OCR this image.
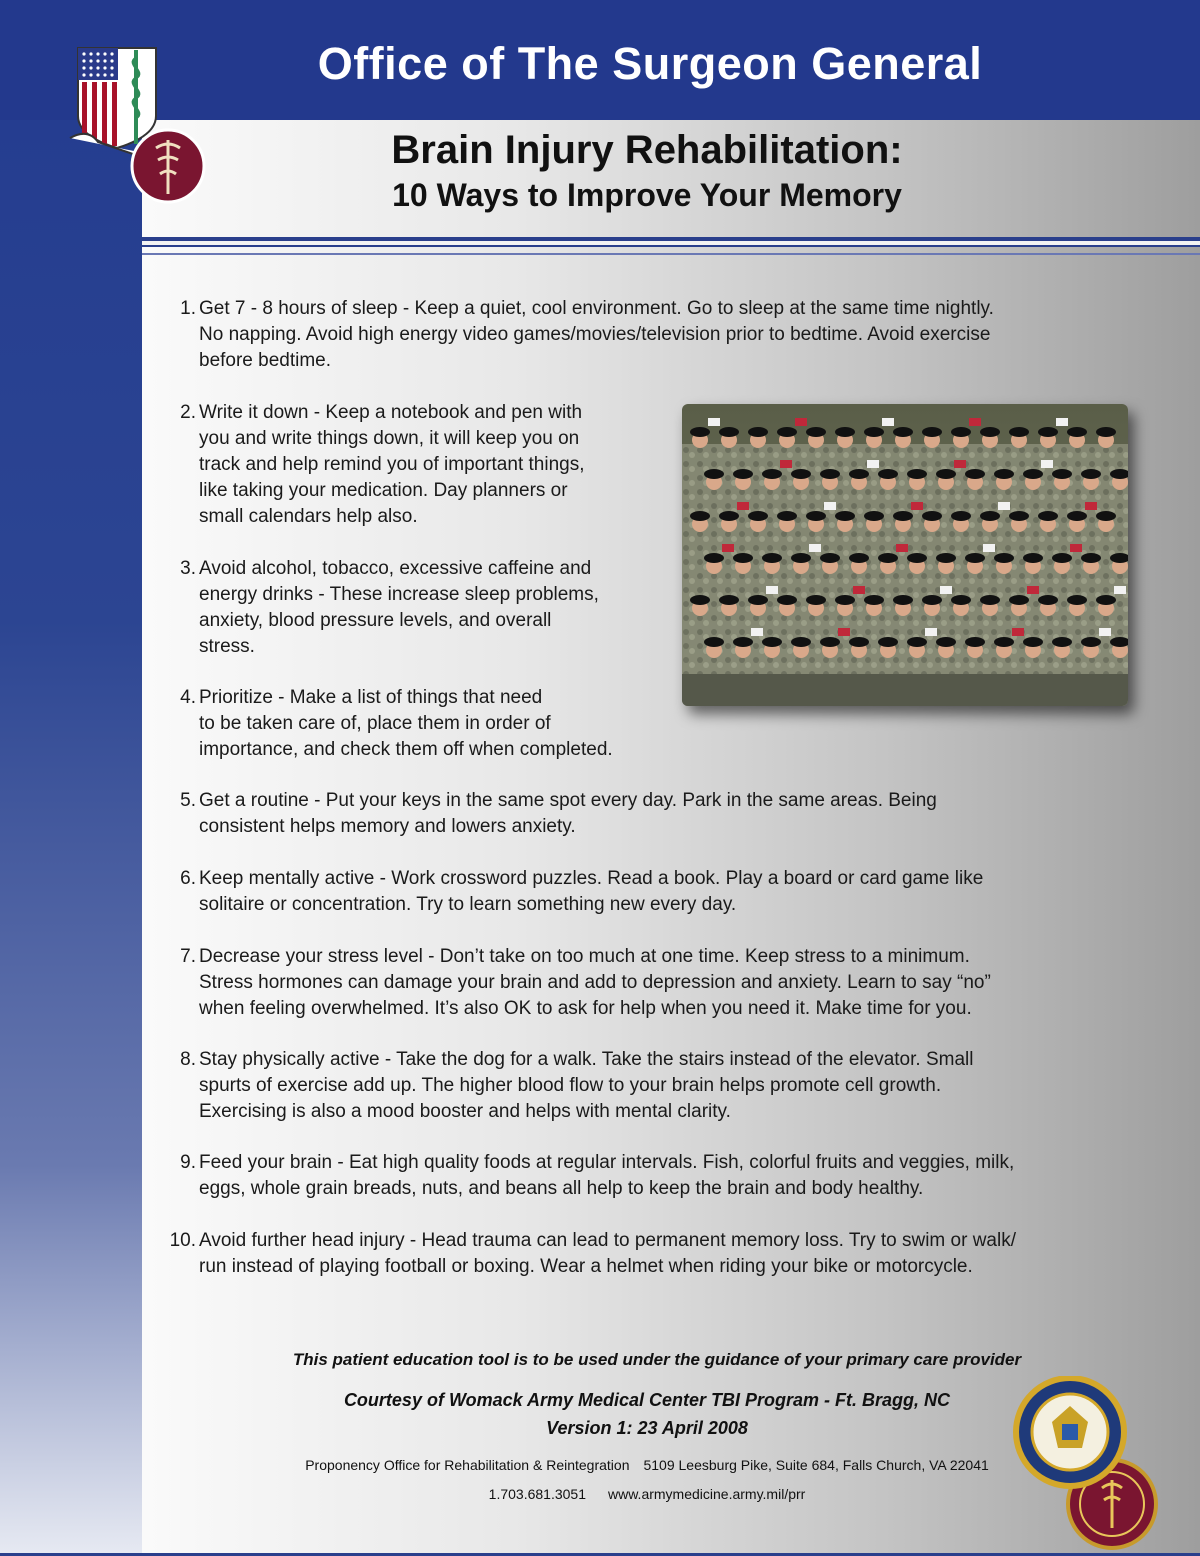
Office of The Surgeon General
Brain Injury Rehabilitation:
10 Ways to Improve Your Memory
1. Get 7 - 8 hours of sleep - Keep a quiet, cool environment. Go to sleep at the same time nightly.
No napping. Avoid high energy video games/movies/television prior to bedtime. Avoid exercise
before bedtime.
2. Write it down - Keep a notebook and pen with
you and write things down, it will keep you on
track and help remind you of important things,
like taking your medication. Day planners or
small calendars help also.
3. Avoid alcohol, tobacco, excessive caffeine and
energy drinks - These increase sleep problems,
anxiety, blood pressure levels, and overall
stress.
4. Prioritize - Make a list of things that need
to be taken care of, place them in order of
importance, and check them off when completed.
5. Get a routine - Put your keys in the same spot every day. Park in the same areas. Being
consistent helps memory and lowers anxiety.
6. Keep mentally active - Work crossword puzzles. Read a book. Play a board or card game like
solitaire or concentration. Try to learn something new every day.
7. Decrease your stress level - Don’t take on too much at one time. Keep stress to a minimum.
Stress hormones can damage your brain and add to depression and anxiety. Learn to say “no”
when feeling overwhelmed. It’s also OK to ask for help when you need it. Make time for you.
8. Stay physically active - Take the dog for a walk. Take the stairs instead of the elevator. Small
spurts of exercise add up. The higher blood flow to your brain helps promote cell growth.
Exercising is also a mood booster and helps with mental clarity.
9. Feed your brain - Eat high quality foods at regular intervals. Fish, colorful fruits and veggies, milk,
eggs, whole grain breads, nuts, and beans all help to keep the brain and body healthy.
10. Avoid further head injury - Head trauma can lead to permanent memory loss. Try to swim or walk/
run instead of playing football or boxing. Wear a helmet when riding your bike or motorcycle.
This patient education tool is to be used under the guidance of your primary care provider
Courtesy of Womack Army Medical Center TBI Program - Ft. Bragg, NC
Version 1: 23 April 2008
Proponency Office for Rehabilitation & Reintegration 5109 Leesburg Pike, Suite 684, Falls Church, VA 22041
1.703.681.3051 www.armymedicine.army.mil/prr
